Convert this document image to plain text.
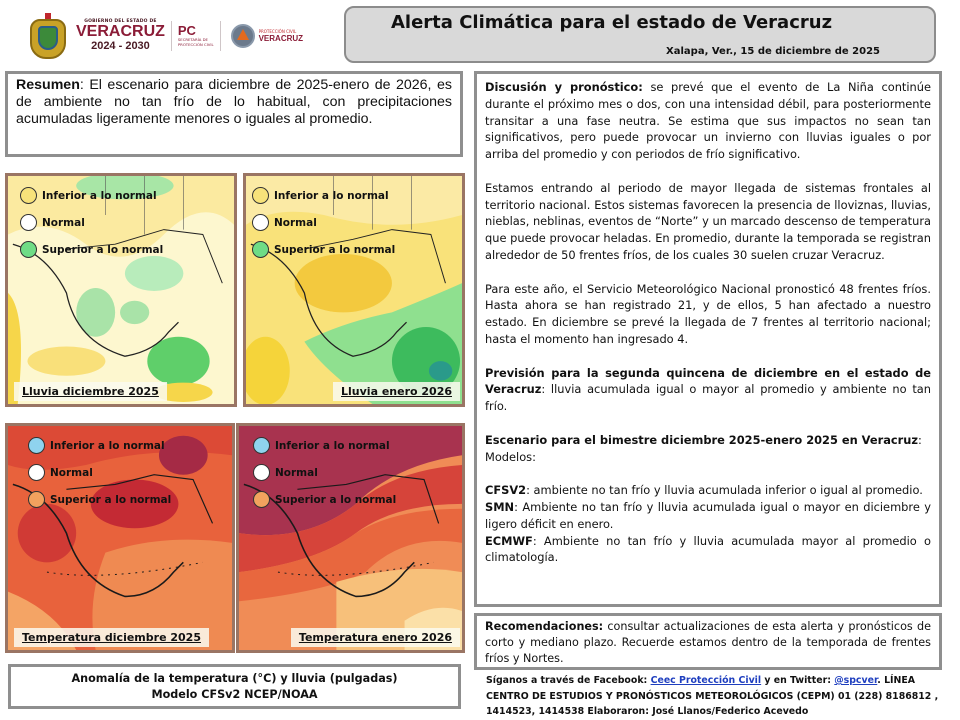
GOBIERNO DEL ESTADO DE
VERACRUZ
2024 - 2030
PC
SECRETARÍA DE
PROTECCIÓN CIVIL
PROTECCIÓN CIVIL
VERACRUZ
Alerta Climática para el estado de Veracruz
Xalapa, Ver., 15 de diciembre de 2025
Resumen: El escenario para diciembre de 2025-enero de 2026, es de ambiente no tan frío de lo habitual, con precipitaciones acumuladas ligeramente menores o iguales al promedio.
Inferior a lo normal
Normal
Superior a lo normal
Lluvia diciembre 2025
Inferior a lo normal
Normal
Superior a lo normal
Lluvia enero 2026
Inferior a lo normal
Normal
Superior a lo normal
Temperatura diciembre 2025
Inferior a lo normal
Normal
Superior a lo normal
Temperatura enero 2026

Discusión y pronóstico: se prevé que el evento de La Niña continúe durante el próximo mes o dos, con una intensidad débil, para posteriormente transitar a una fase neutra. Se estima que sus impactos no sean tan significativos, pero puede provocar un invierno con lluvias iguales o por arriba del promedio y con periodos de frío significativo.

Estamos entrando al periodo de mayor llegada de sistemas frontales al territorio nacional. Estos sistemas favorecen la presencia de lloviznas, lluvias, nieblas, neblinas, eventos de “Norte” y un marcado descenso de temperatura que puede provocar heladas. En promedio, durante la temporada se registran alrededor de 50 frentes fríos, de los cuales 30 suelen cruzar Veracruz.

Para este año, el Servicio Meteorológico Nacional pronosticó 48 frentes fríos. Hasta ahora se han registrado 21, y de ellos, 5 han afectado a nuestro estado. En diciembre se prevé la llegada de 7 frentes al territorio nacional; hasta el momento han ingresado 4.

Previsión para la segunda quincena de diciembre en el estado de Veracruz: lluvia acumulada igual o mayor al promedio y ambiente no tan frío.

Escenario para el bimestre diciembre 2025-enero 2025 en Veracruz:

Modelos:

CFSV2: ambiente no tan frío y lluvia acumulada inferior o igual al promedio.

SMN: Ambiente no tan frío y lluvia acumulada igual o mayor en diciembre y ligero déficit en enero.

ECMWF: Ambiente no tan frío y lluvia acumulada mayor al promedio o climatología.

Recomendaciones: consultar actualizaciones de esta alerta y pronósticos de corto y mediano plazo. Recuerde estamos dentro de la temporada de frentes fríos y Nortes.
Anomalía de la temperatura (°C) y lluvia (pulgadas)
Modelo CFSv2 NCEP/NOAA
Síganos a través de Facebook: Ceec Protección Civil y en Twitter: @spcver. LÍNEA CENTRO DE ESTUDIOS Y PRONÓSTICOS METEOROLÓGICOS (CEPM) 01 (228) 8186812 , 1414523, 1414538 Elaboraron: José Llanos/Federico Acevedo
